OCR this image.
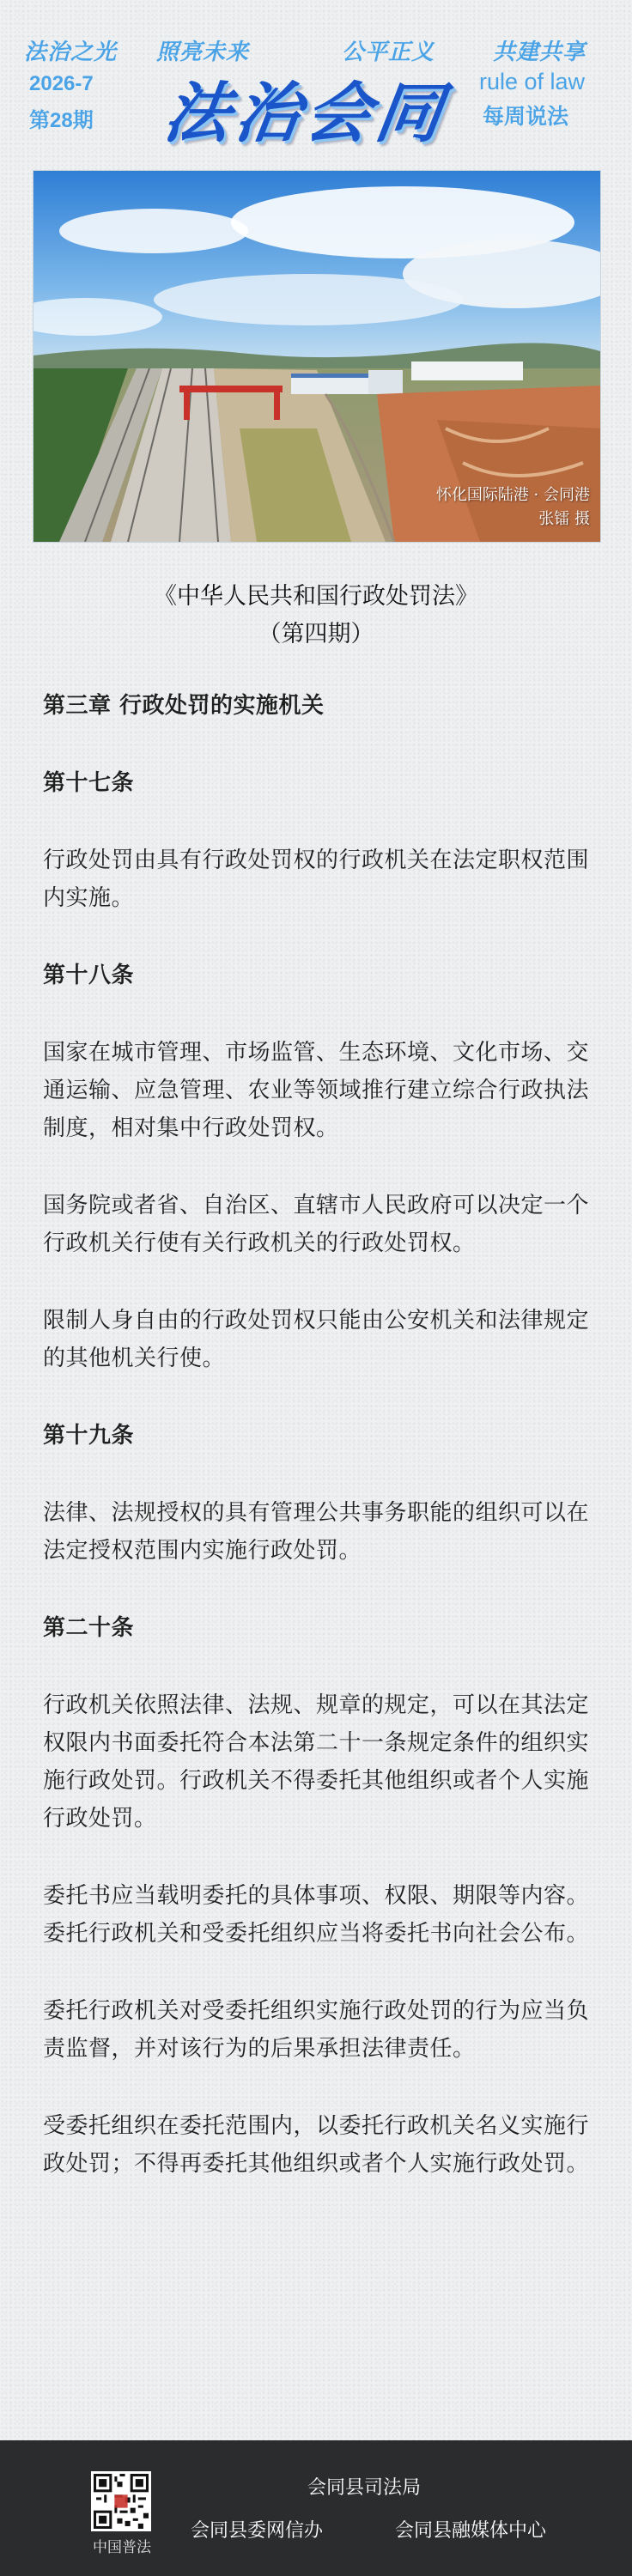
法治之光 照亮未来	公平正义	共建共享
2026-7
第28期 法治会同	rule of law
每周说法
怀化国际陆港 · 会同港
张镭 摄
《中华人民共和国行政处罚法》
（第四期）

第三章 行政处罚的实施机关

第十七条

行政处罚由具有行政处罚权的行政机关在法定职权范围内实施。

第十八条

国家在城市管理、市场监管、生态环境、文化市场、交通运输、应急管理、农业等领域推行建立综合行政执法制度，相对集中行政处罚权。

国务院或者省、自治区、直辖市人民政府可以决定一个行政机关行使有关行政机关的行政处罚权。

限制人身自由的行政处罚权只能由公安机关和法律规定的其他机关行使。

第十九条

法律、法规授权的具有管理公共事务职能的组织可以在法定授权范围内实施行政处罚。

第二十条

行政机关依照法律、法规、规章的规定，可以在其法定权限内书面委托符合本法第二十一条规定条件的组织实施行政处罚。行政机关不得委托其他组织或者个人实施行政处罚。

委托书应当载明委托的具体事项、权限、期限等内容。委托行政机关和受委托组织应当将委托书向社会公布。

委托行政机关对受委托组织实施行政处罚的行为应当负责监督，并对该行为的后果承担法律责任。

受委托组织在委托范围内，以委托行政机关名义实施行政处罚；不得再委托其他组织或者个人实施行政处罚。

中国普法
会同县司法局
会同县委网信办	会同县融媒体中心
